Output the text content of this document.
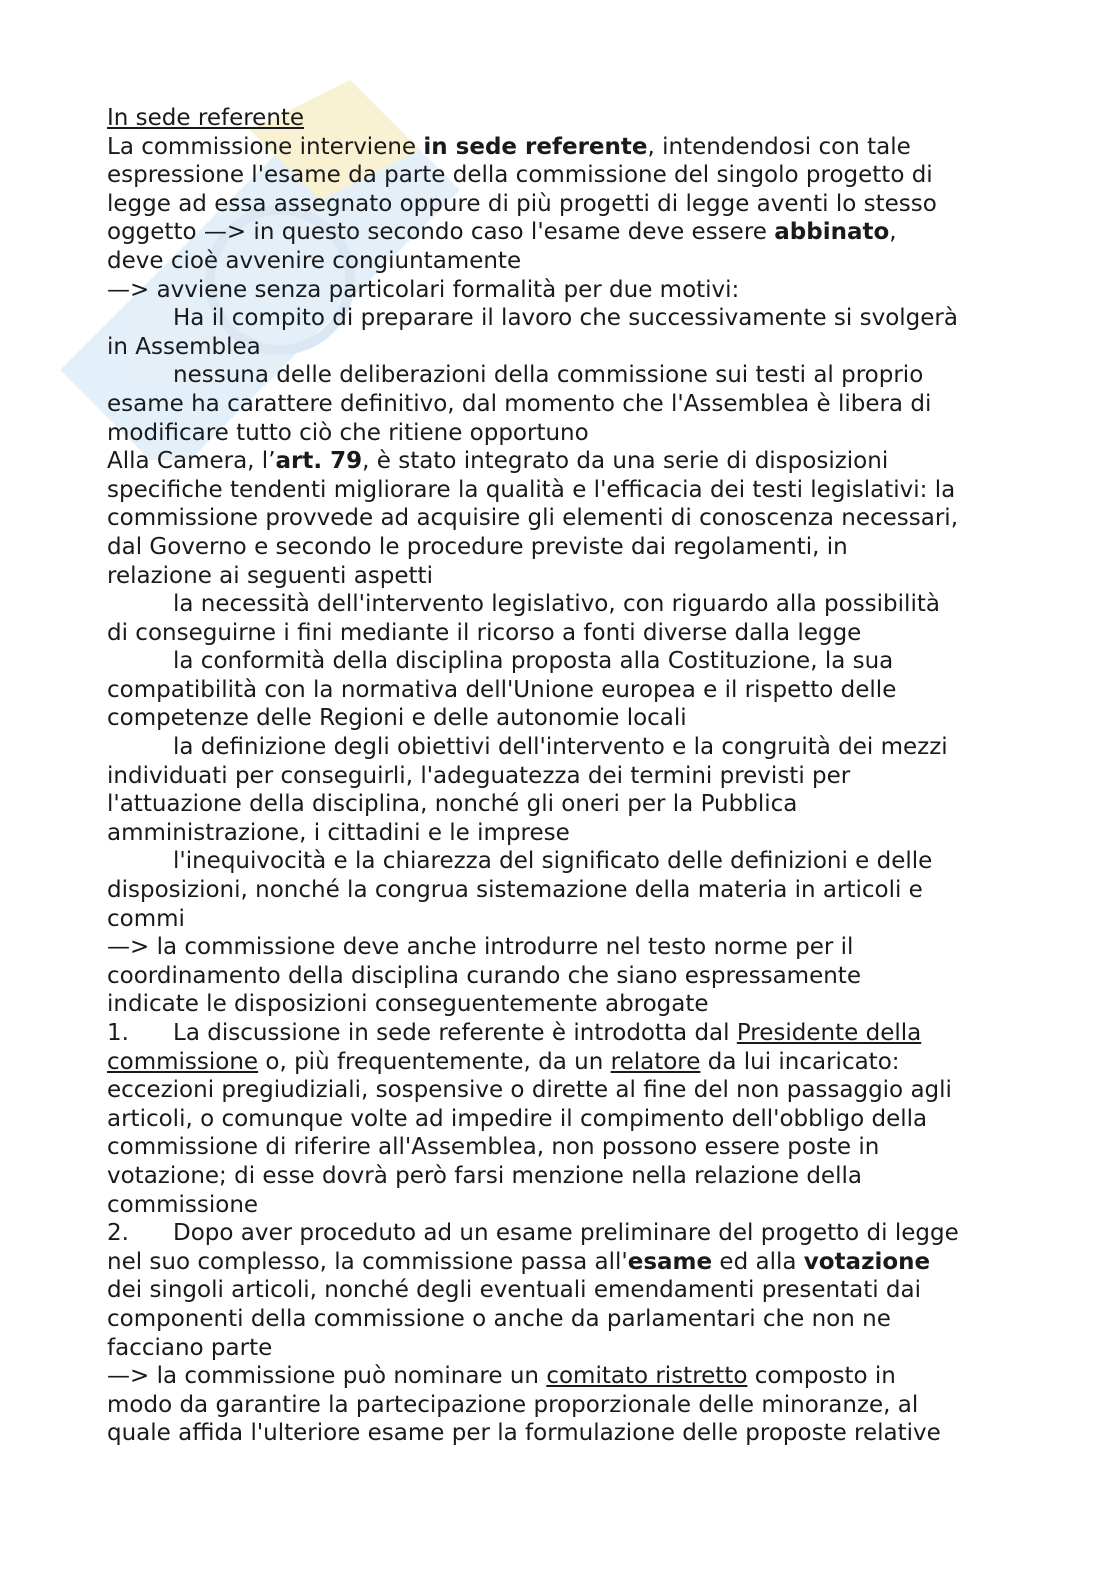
In sede referente
La commissione interviene in sede referente, intendendosi con tale
espressione l'esame da parte della commissione del singolo progetto di
legge ad essa assegnato oppure di più progetti di legge aventi lo stesso
oggetto —> in questo secondo caso l'esame deve essere abbinato,
deve cioè avvenire congiuntamente
—> avviene senza particolari formalità per due motivi:
Ha il compito di preparare il lavoro che successivamente si svolgerà
in Assemblea
nessuna delle deliberazioni della commissione sui testi al proprio
esame ha carattere definitivo, dal momento che l'Assemblea è libera di
modificare tutto ciò che ritiene opportuno
Alla Camera, l’art. 79, è stato integrato da una serie di disposizioni
specifiche tendenti migliorare la qualità e l'efficacia dei testi legislativi: la
commissione provvede ad acquisire gli elementi di conoscenza necessari,
dal Governo e secondo le procedure previste dai regolamenti, in
relazione ai seguenti aspetti
la necessità dell'intervento legislativo, con riguardo alla possibilità
di conseguirne i fini mediante il ricorso a fonti diverse dalla legge
la conformità della disciplina proposta alla Costituzione, la sua
compatibilità con la normativa dell'Unione europea e il rispetto delle
competenze delle Regioni e delle autonomie locali
la definizione degli obiettivi dell'intervento e la congruità dei mezzi
individuati per conseguirli, l'adeguatezza dei termini previsti per
l'attuazione della disciplina, nonché gli oneri per la Pubblica
amministrazione, i cittadini e le imprese
l'inequivocità e la chiarezza del significato delle definizioni e delle
disposizioni, nonché la congrua sistemazione della materia in articoli e
commi
—> la commissione deve anche introdurre nel testo norme per il
coordinamento della disciplina curando che siano espressamente
indicate le disposizioni conseguentemente abrogate
1. La discussione in sede referente è introdotta dal Presidente della
commissione o, più frequentemente, da un relatore da lui incaricato:
eccezioni pregiudiziali, sospensive o dirette al fine del non passaggio agli
articoli, o comunque volte ad impedire il compimento dell'obbligo della
commissione di riferire all'Assemblea, non possono essere poste in
votazione; di esse dovrà però farsi menzione nella relazione della
commissione
2. Dopo aver proceduto ad un esame preliminare del progetto di legge
nel suo complesso, la commissione passa all'esame ed alla votazione
dei singoli articoli, nonché degli eventuali emendamenti presentati dai
componenti della commissione o anche da parlamentari che non ne
facciano parte
—> la commissione può nominare un comitato ristretto composto in
modo da garantire la partecipazione proporzionale delle minoranze, al
quale affida l'ulteriore esame per la formulazione delle proposte relative
